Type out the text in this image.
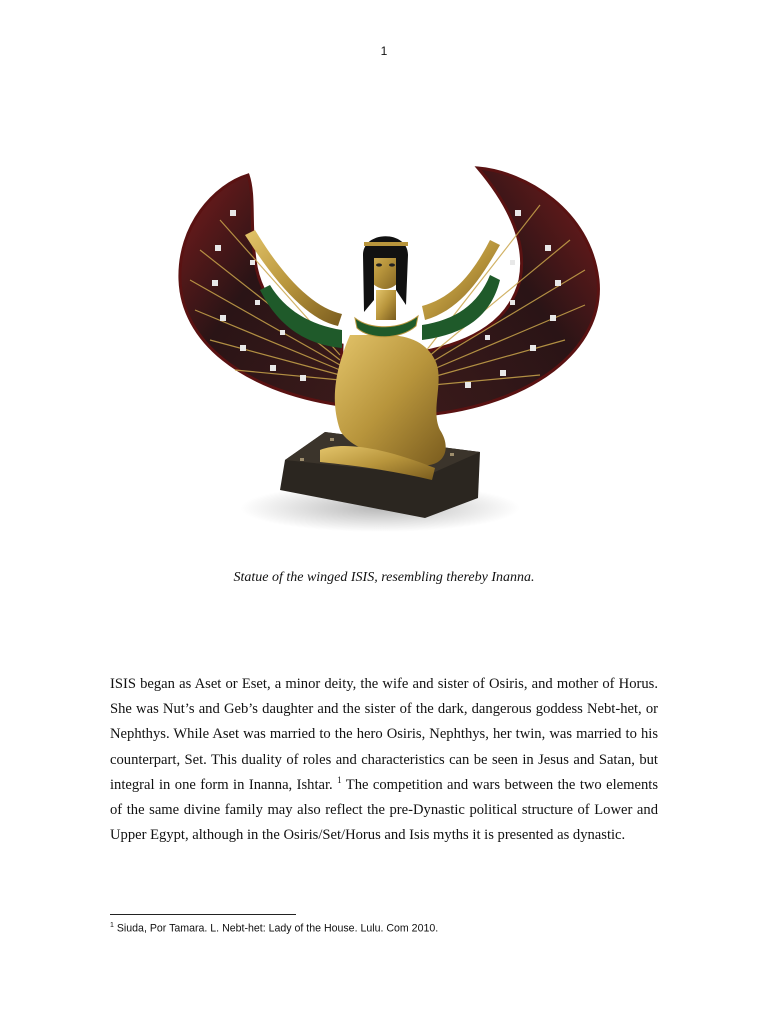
1
Statue of the winged ISIS, resembling thereby Inanna.

ISIS began as Aset or Eset, a minor deity, the wife and sister of Osiris, and mother of Horus. She was Nut’s and Geb’s daughter and the sister of the dark, dangerous goddess Nebt-het, or Nephthys. While Aset was married to the hero Osiris, Nephthys, her twin, was married to his counterpart, Set. This duality of roles and characteristics can be seen in Jesus and Satan, but integral in one form in Inanna, Ishtar. $^1$ The competition and wars between the two elements of the same divine family may also reflect the pre-Dynastic political structure of Lower and Upper Egypt, although in the Osiris/Set/Horus and Isis myths it is presented as dynastic.

$^1$ Siuda, Por Tamara. L. Nebt-het: Lady of the House. Lulu. Com 2010.
